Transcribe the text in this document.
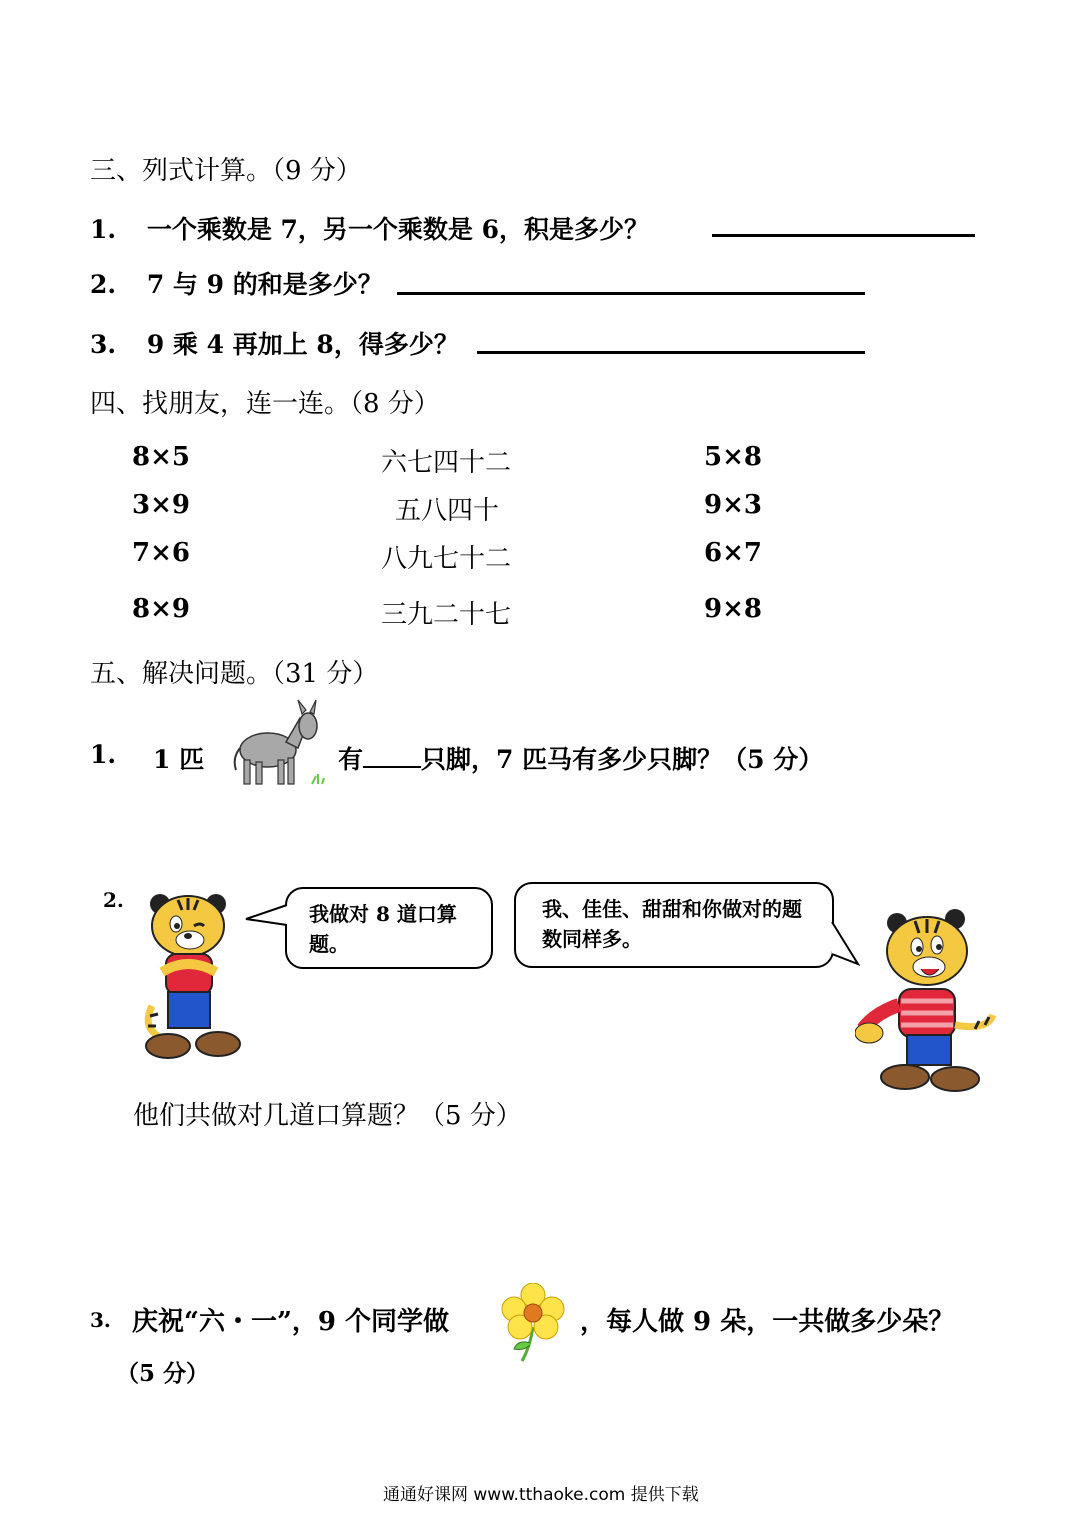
三、列式计算。（9 分）
1. 一个乘数是 7，另一个乘数是 6，积是多少？
2. 7 与 9 的和是多少？
3. 9 乘 4 再加上 8，得多少？
四、找朋友，连一连。（8 分）
8×5
3×9
7×6
8×9
六七四十二
五八四十
八九七十二
三九二十七
5×8
9×3
6×7
9×8
五、解决问题。（31 分）
1. 1 匹	有 只脚，7 匹马有多少只脚？（5 分）
2.
我做对 8 道口算题。
我、佳佳、甜甜和你做对的题数同样多。
他们共做对几道口算题？（5 分）
3. 庆祝“六・一”，9 个同学做	，每人做 9 朵，一共做多少朵？
（5 分）
通通好课网 www.tthaoke.com 提供下载
